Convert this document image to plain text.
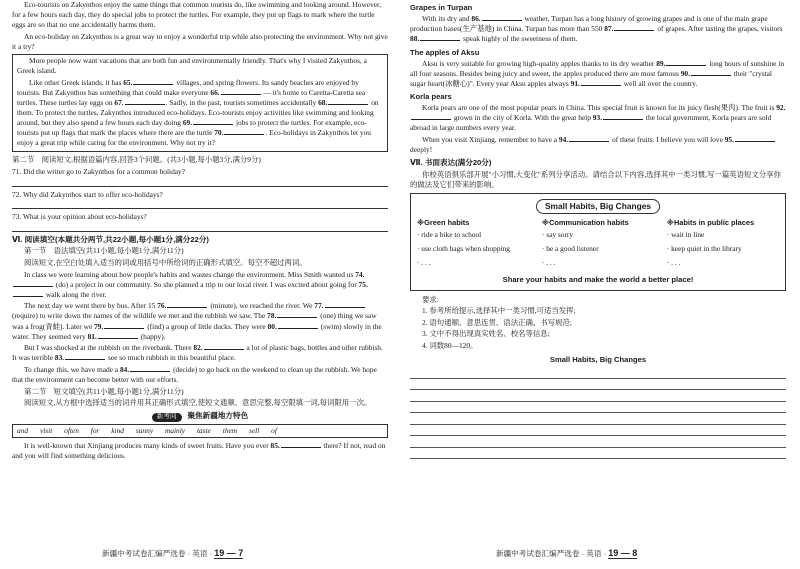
Eco-tourists on Zakynthos enjoy the same things that common tourists do, like swimming and looking around. However, for a few hours each day, they do special jobs to protect the turtles. For example, they put up flags to mark where the turtle eggs are so that no one accidentally harms them.

An eco-holiday on Zakynthos is a great way to enjoy a wonderful trip while also protecting the environment. Why not give it a try?

More people now want vacations that are both fun and environmentally friendly. That's why I visited Zakynthos, a Greek island.

Like other Greek islands, it has 65.	villages, and spring flowers. Its sandy beaches are enjoyed by tourists. But Zakynthos has something that could make everyone 66.	— it's home to Caretta-Caretta sea turtles. These turtles lay eggs on 67.	. Sadly, in the past, tourists sometimes accidentally 68.	on them. To protect the turtles, Zakynthos introduced eco-holidays. Eco-tourists enjoy activities like swimming and looking around, but they also spend a few hours each day doing 69.	jobs to protect the turtles. For example, eco-tourists put up flags that mark the places where there are the turtle 70.	. Eco-holidays in Zakynthos let you enjoy a great trip while caring for the environment. Why not try it?

第二节　阅读短文,根据语篇内容,回答3个问题。(共3小题,每小题3分,满分9分)

71. Did the writer go to Zakynthos for a common holiday?

72. Why did Zakynthos start to offer eco-holidays?

73. What is your opinion about eco-holidays?

Ⅵ. 阅读填空(本题共分两节,共22小题,每小题1分,满分22分)

第一节　语法填空(共11小题,每小题1分,满分11分)

阅读短文,在空白处填入适当的词或用括号中所给词的正确形式填空。每空不超过两词。

In class we were learning about how people's habits and wastes change the environment. Miss Smith wanted us 74. (do) a project in our community. So she planned a trip to our local river. I was excited about going for 75. walk along the river.

The next day we went there by bus. After 15 76.	(minute), we reached the river. We 77. (require) to write down the names of the wildlife we met and the rubbish we saw. The 78.	(one) thing we saw was a frog(青蛙). Later we 79.	(find) a group of little ducks. They were 80.	(swim) slowly in the water. They seemed very 81.	(happy).

But I was shocked at the rubbish on the riverbank. There 82.	a lot of plastic bags, bottles and other rubbish. It was terrible 83.	see so much rubbish in this beautiful place.

To change this, we have made a 84.	(decide) to go back on the weekend to clean up the rubbish. We hope that the environment can become better with our efforts.

第二节　短文填空(共11小题,每小题1分,满分11分)

阅读短文,从方框中选择适当的词并用其正确形式填空,使短文通顺、意思完整,每空限填一词,每词限用一次。

新考向 聚焦新疆地方特色
and visit often for kind sunny mainly taste them sell of

It is well-known that Xinjiang produces many kinds of sweet fruits. Have you ever 85.	there? If not, read on and you will find something delicious.

新疆中考试卷汇编严选卷 · 英语 · 19 — 7
Grapes in Turpan

With its dry and 86.	weather, Turpan has a long history of growing grapes and is one of the main grape production bases(生产基地) in China. Turpan has more than 550 87.	of grapes. After tasting the grapes, visitors 88.	speak highly of the sweetness of them.

The apples of Aksu

Aksu is very suitable for growing high-quality apples thanks to its dry weather 89.	long hours of sunshine in all four seasons. Besides being juicy and sweet, the apples produced there are most famous 90.	their "crystal sugar heart(冰糖心)". Every year Aksu apples always 91.	well all over the country.

Korla pears

Korla pears are one of the most popular pears in China. This special fruit is known for its juicy flesh(果肉). The fruit is 92. grown in the city of Korla. With the great help 93.	the local government, Korla pears are sold abroad in large numbers every year.

When you visit Xinjiang, remember to have a 94.	of these fruits. I believe you will love 95. deeply!

Ⅶ. 书面表达(满分20分)

你校英语俱乐部开展"小习惯,大变化"系列分享活动。请结合以下内容,选择其中一类习惯,写一篇英语短文分享你的做法及它们带来的影响。

Small Habits, Big Changes
※Green habits
· ride a bike to school
· use cloth bags when shopping
· . . .
※Communication habits
· say sorry
· be a good listener
· . . .
※Habits in public places
· wait in line
· keep quiet in the library
· . . .
Share your habits and make the world a better place!
要求:
1. 参考所给提示,选择其中一类习惯,可适当发挥;
2. 语句通顺、意思连贯、语法正确、书写规范;
3. 文中不得出现真实姓名、校名等信息;
4. 词数80—120。
Small Habits, Big Changes
新疆中考试卷汇编严选卷 · 英语 · 19 — 8
